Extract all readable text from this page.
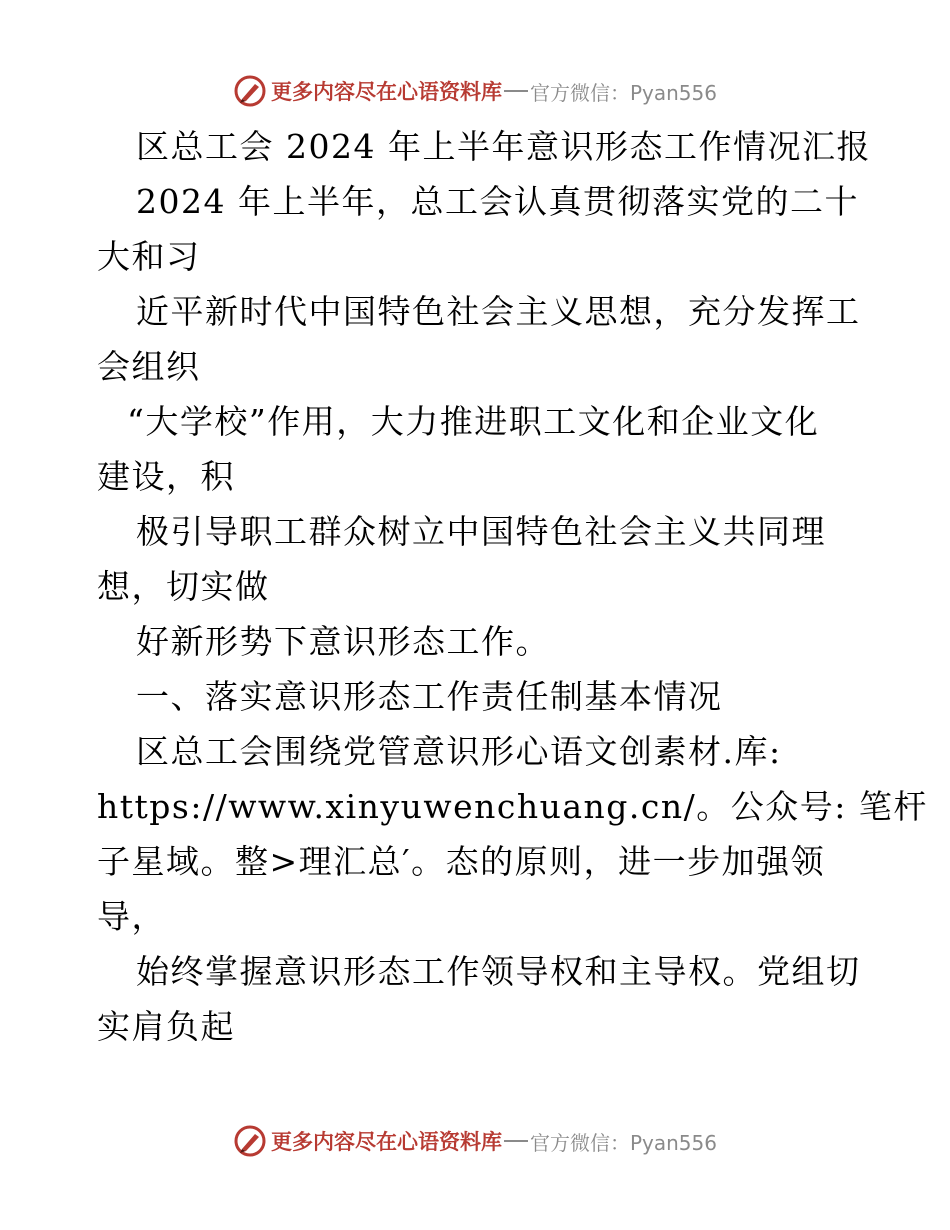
更多内容尽在心语资料库 官方微信：Pyan556
区总工会 2024 年上半年意识形态工作情况汇报
2024 年上半年，总工会认真贯彻落实党的二十
大和习
近平新时代中国特色社会主义思想，充分发挥工
会组织
“大学校”作用，大力推进职工文化和企业文化
建设，积
极引导职工群众树立中国特色社会主义共同理
想，切实做
好新形势下意识形态工作。
一、落实意识形态工作责任制基本情况
区总工会围绕党管意识形心语文创素材.库:
https://www.xinyuwenchuang.cn/。公众号: 笔杆
子星域。整>理汇总′。态的原则，进一步加强领
导，
始终掌握意识形态工作领导权和主导权。党组切
实肩负起
更多内容尽在心语资料库 官方微信：Pyan556
